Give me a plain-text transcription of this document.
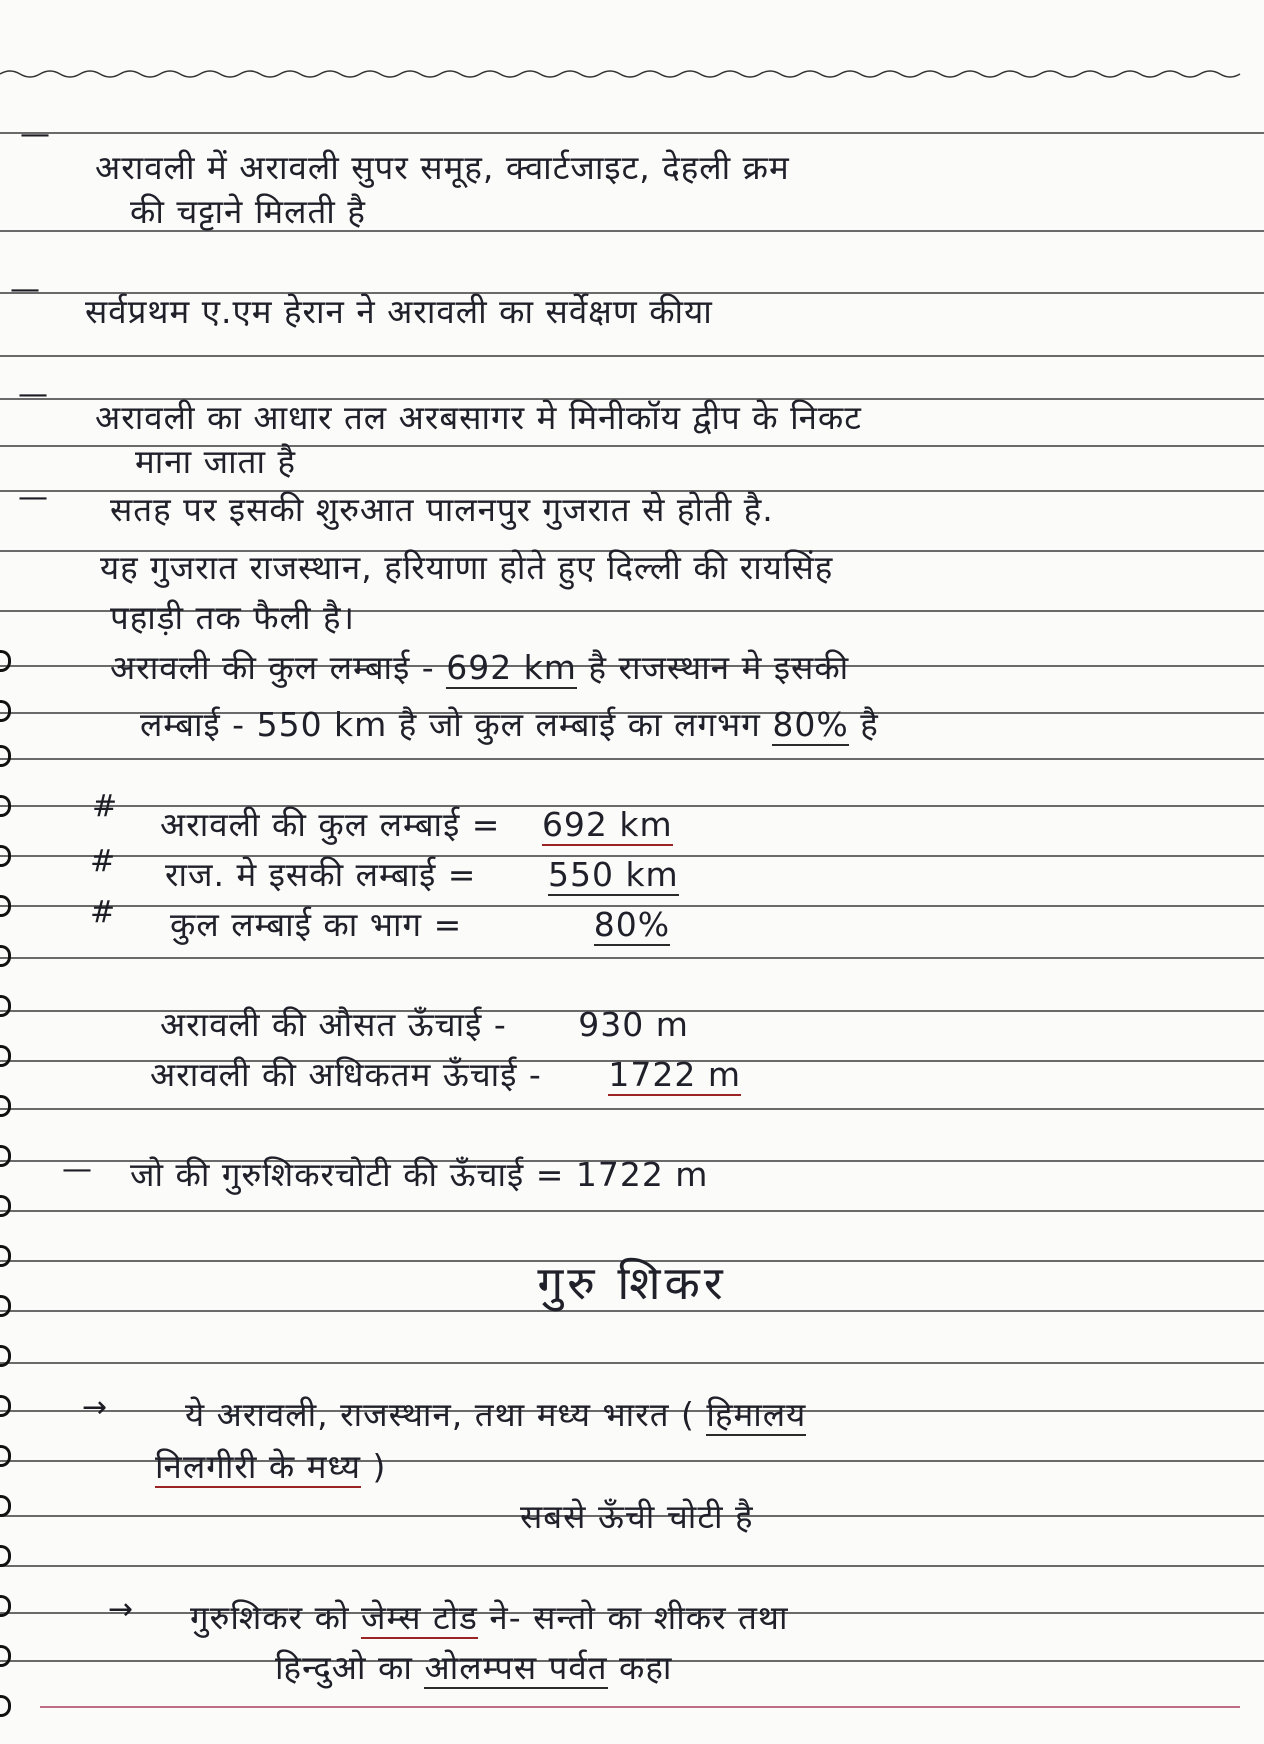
—
—
—
—
#
#
#
—
→
→
अरावली में अरावली सुपर समूह, क्वार्टजाइट, देहली क्रम
की चट्टाने मिलती है
सर्वप्रथम ए.एम हेरान ने अरावली का सर्वेक्षण कीया
अरावली का आधार तल अरबसागर मे मिनीकॉय द्वीप के निकट
माना जाता है
सतह पर इसकी शुरुआत पालनपुर गुजरात से होती है.
यह गुजरात राजस्थान, हरियाणा होते हुए दिल्ली की रायसिंह
पहाड़ी तक फैली है।
अरावली की कुल लम्बाई - 692 km है राजस्थान मे इसकी
लम्बाई - 550 km है जो कुल लम्बाई का लगभग 80% है
अरावली की कुल लम्बाई = 692 km
राज. मे इसकी लम्बाई = 550 km
कुल लम्बाई का भाग =	80%
अरावली की औसत ऊँचाई - 930 m
अरावली की अधिकतम ऊँचाई - 1722 m
जो की गुरुशिकरचोटी की ऊँचाई = 1722 m
गुरु शिकर
ये अरावली, राजस्थान, तथा मध्य भारत ( हिमालय
निलगीरी के मध्य )
सबसे ऊँची चोटी है
गुरुशिकर को जेम्स टोड ने- सन्तो का शीकर तथा
हिन्दुओ का ओलम्पस पर्वत कहा
